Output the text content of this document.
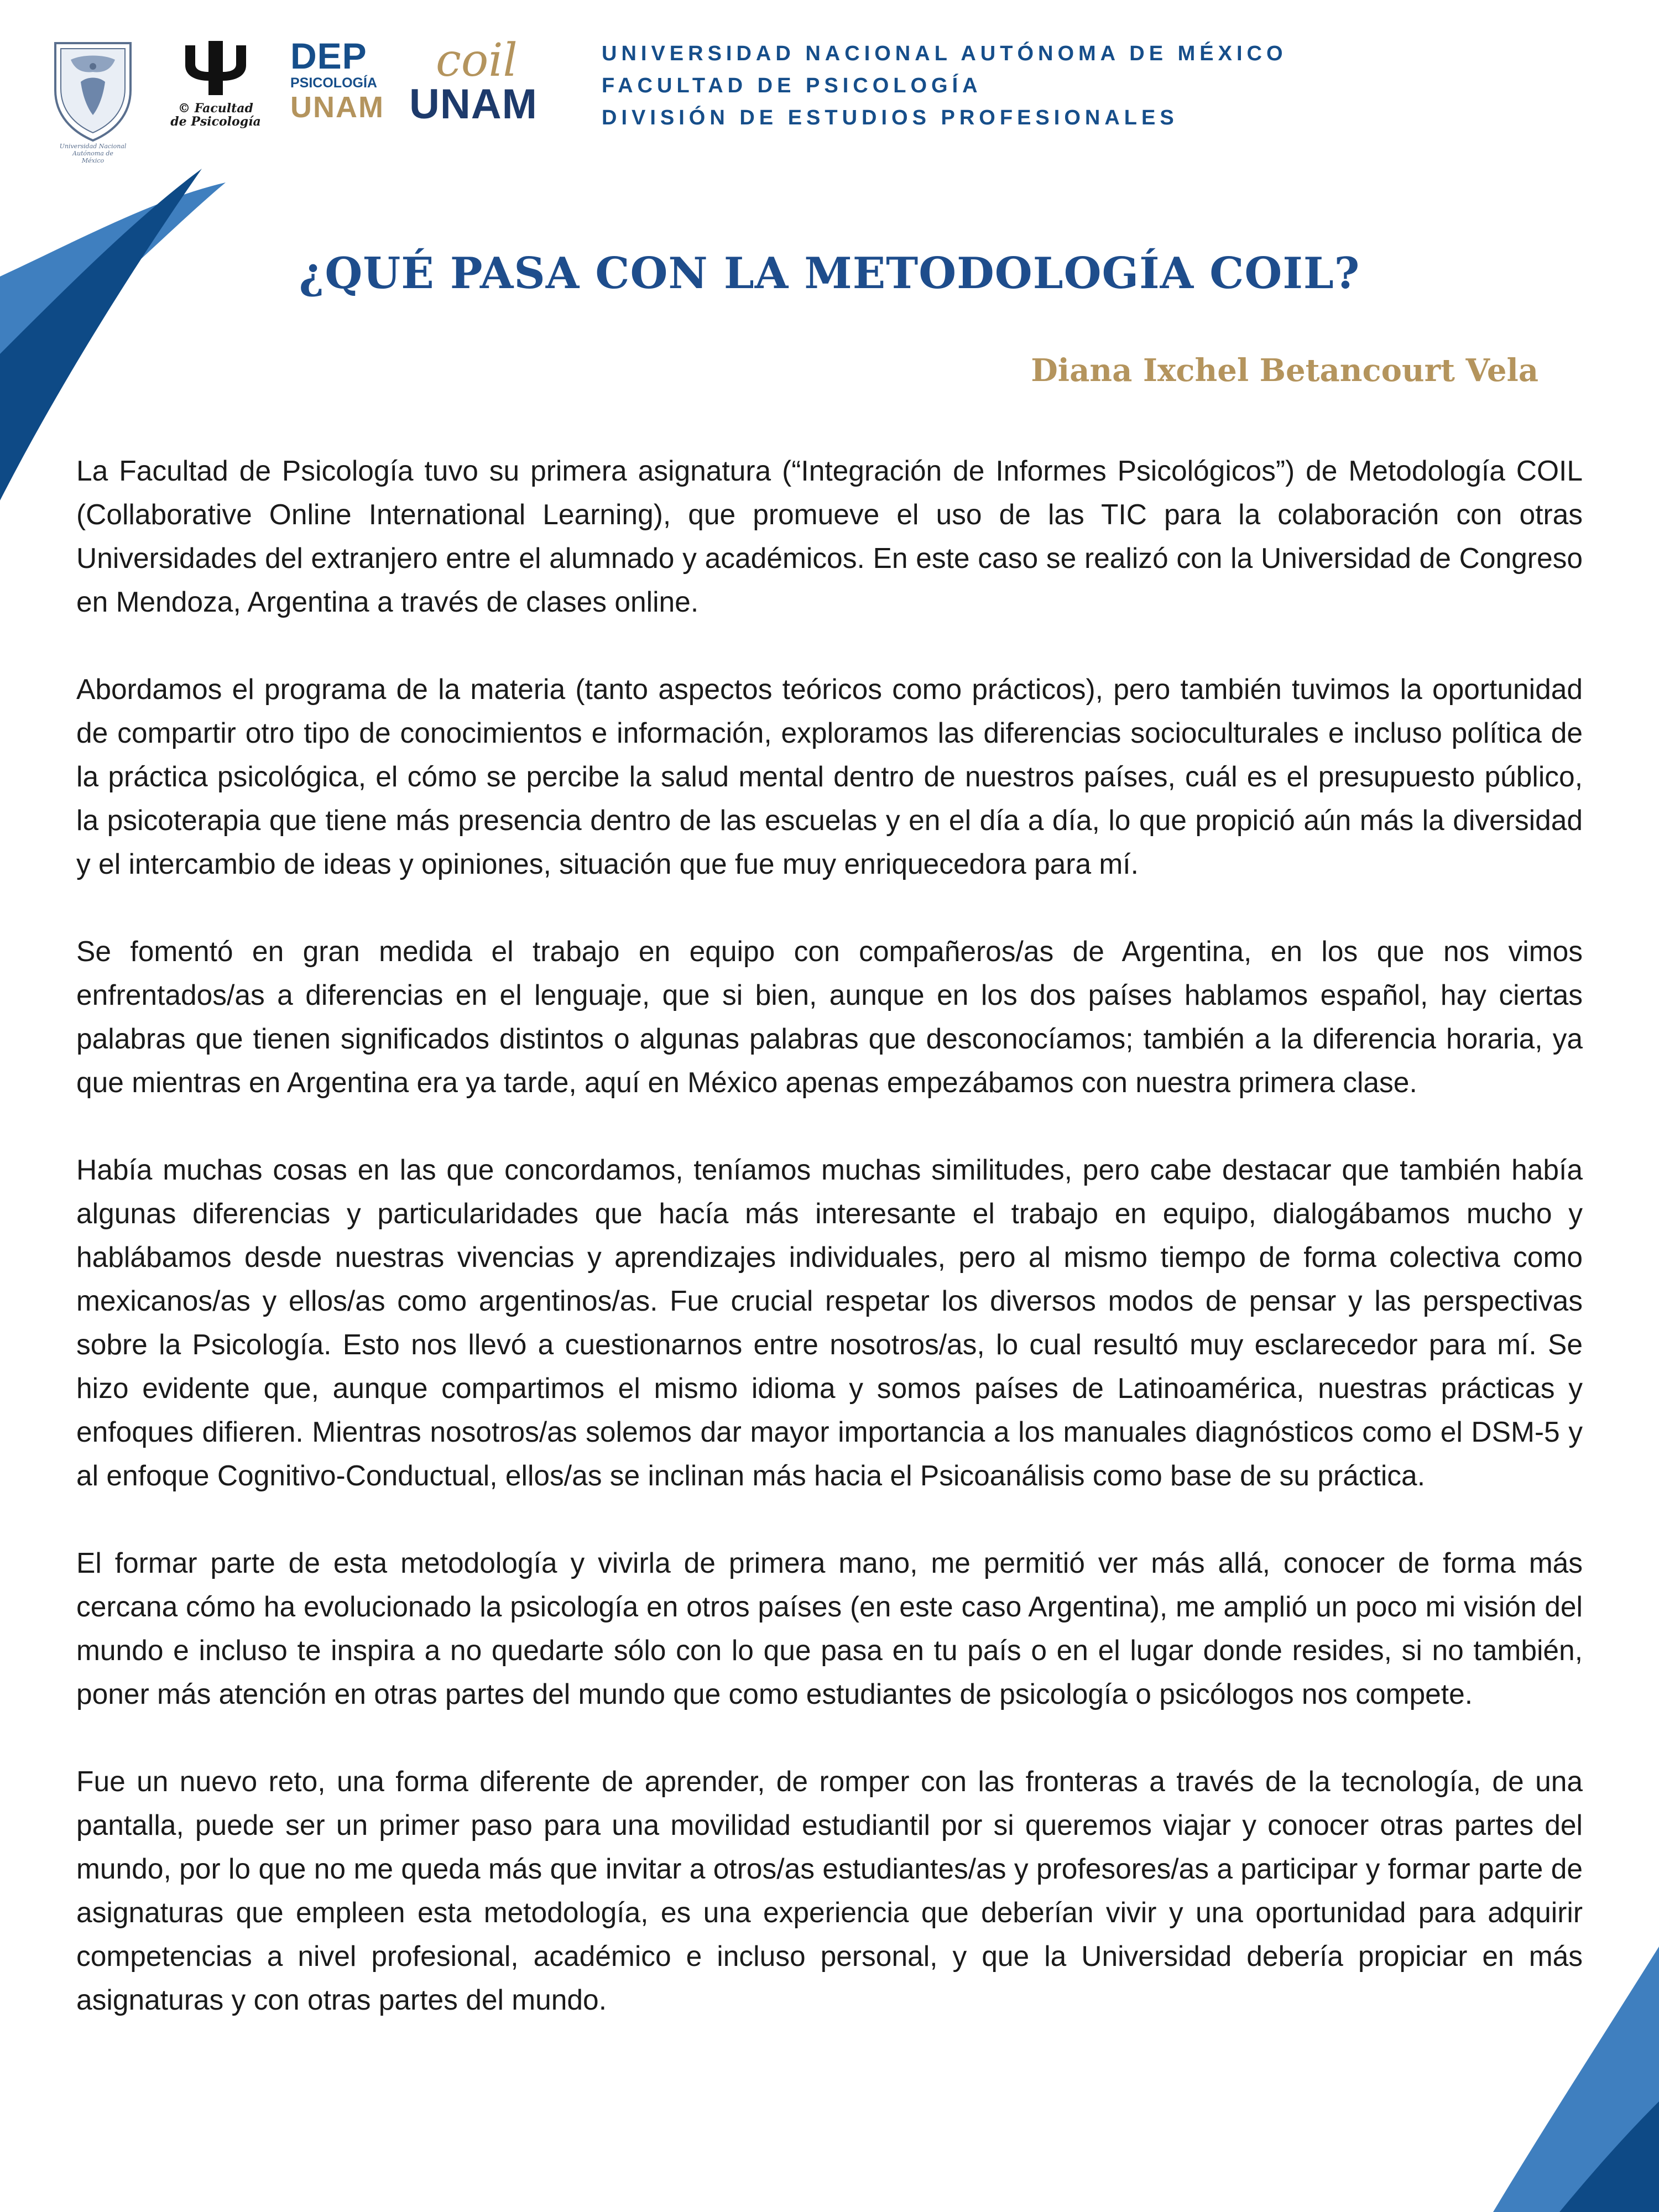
Universidad Nacional
Autónoma de
México
© Facultad
de Psicología
DEP
PSICOLOGÍA
UNAM
coil
UNAM
UNIVERSIDAD NACIONAL AUTÓNOMA DE MÉXICO
FACULTAD DE PSICOLOGÍA
DIVISIÓN DE ESTUDIOS PROFESIONALES
¿QUÉ PASA CON LA METODOLOGÍA COIL?
Diana Ixchel Betancourt Vela

La Facultad de Psicología tuvo su primera asignatura (“Integración de Informes Psicológicos”) de Metodología COIL (Collaborative Online International Learning), que promueve el uso de las TIC para la colaboración con otras Universidades del extranjero entre el alumnado y académicos. En este caso se realizó con la Universidad de Congreso en Mendoza, Argentina a través de clases online.

Abordamos el programa de la materia (tanto aspectos teóricos como prácticos), pero también tuvimos la oportunidad de compartir otro tipo de conocimientos e información, exploramos las diferencias socioculturales e incluso política de la práctica psicológica, el cómo se percibe la salud mental dentro de nuestros países, cuál es el presupuesto público, la psicoterapia que tiene más presencia dentro de las escuelas y en el día a día, lo que propició aún más la diversidad y el intercambio de ideas y opiniones, situación que fue muy enriquecedora para mí.

Se fomentó en gran medida el trabajo en equipo con compañeros/as de Argentina, en los que nos vimos enfrentados/as a diferencias en el lenguaje, que si bien, aunque en los dos países hablamos español, hay ciertas palabras que tienen significados distintos o algunas palabras que desconocíamos; también a la diferencia horaria, ya que mientras en Argentina era ya tarde, aquí en México apenas empezábamos con nuestra primera clase.

Había muchas cosas en las que concordamos, teníamos muchas similitudes, pero cabe destacar que también había algunas diferencias y particularidades que hacía más interesante el trabajo en equipo, dialogábamos mucho y hablábamos desde nuestras vivencias y aprendizajes individuales, pero al mismo tiempo de forma colectiva como mexicanos/as y ellos/as como argentinos/as. Fue crucial respetar los diversos modos de pensar y las perspectivas sobre la Psicología. Esto nos llevó a cuestionarnos entre nosotros/as, lo cual resultó muy esclarecedor para mí. Se hizo evidente que, aunque compartimos el mismo idioma y somos países de Latinoamérica, nuestras prácticas y enfoques difieren. Mientras nosotros/as solemos dar mayor importancia a los manuales diagnósticos como el DSM-5 y al enfoque Cognitivo-Conductual, ellos/as se inclinan más hacia el Psicoanálisis como base de su práctica.

El formar parte de esta metodología y vivirla de primera mano, me permitió ver más allá, conocer de forma más cercana cómo ha evolucionado la psicología en otros países (en este caso Argentina), me amplió un poco mi visión del mundo e incluso te inspira a no quedarte sólo con lo que pasa en tu país o en el lugar donde resides, si no también, poner más atención en otras partes del mundo que como estudiantes de psicología o psicólogos nos compete.

Fue un nuevo reto, una forma diferente de aprender, de romper con las fronteras a través de la tecnología, de una pantalla, puede ser un primer paso para una movilidad estudiantil por si queremos viajar y conocer otras partes del mundo, por lo que no me queda más que invitar a otros/as estudiantes/as y profesores/as a participar y formar parte de asignaturas que empleen esta metodología, es una experiencia que deberían vivir y una oportunidad para adquirir competencias a nivel profesional, académico e incluso personal, y que la Universidad debería propiciar en más asignaturas y con otras partes del mundo.
